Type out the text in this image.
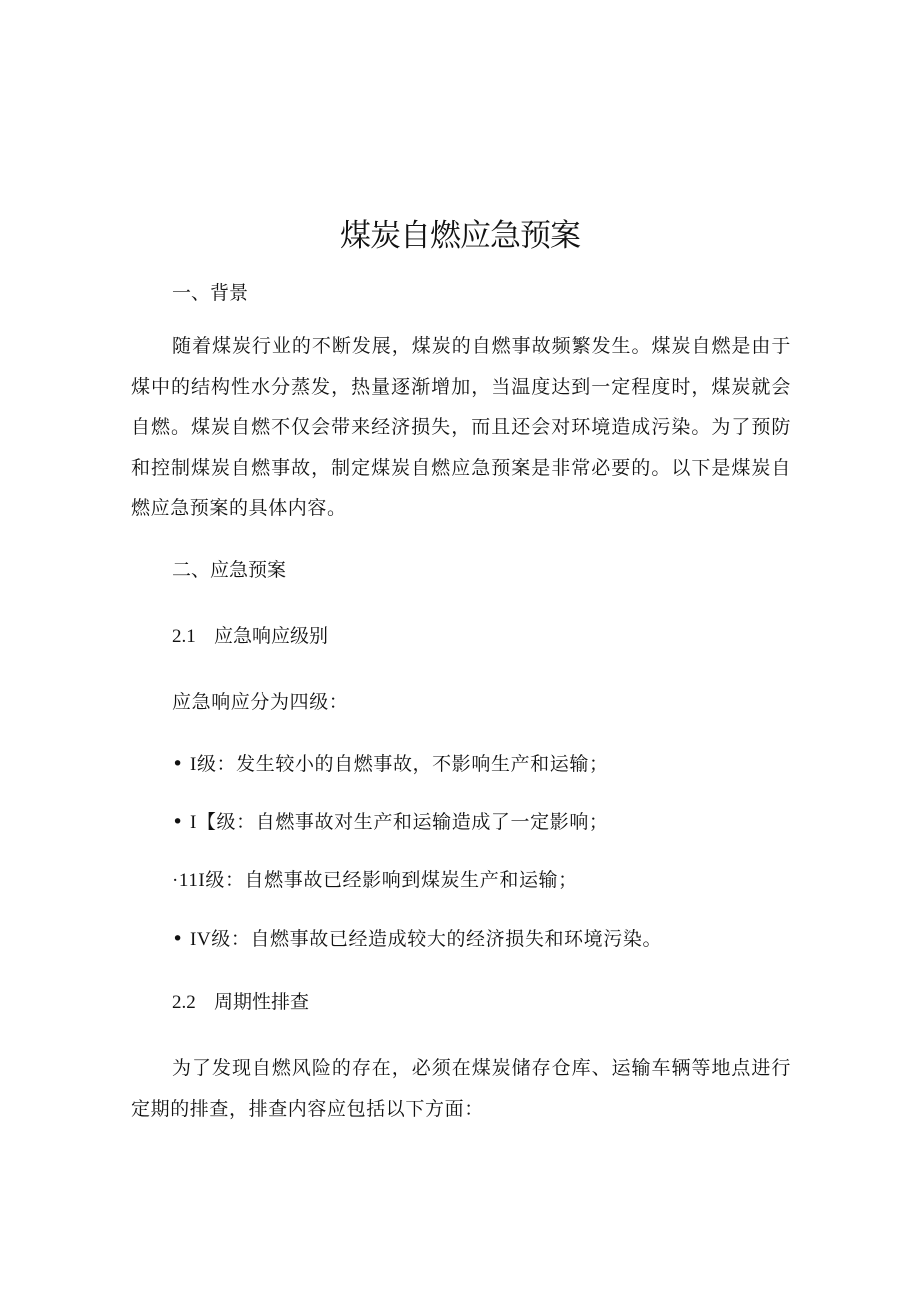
煤炭自燃应急预案
一、背景
随着煤炭行业的不断发展，煤炭的自燃事故频繁发生。煤炭自燃是由于煤中的结构性水分蒸发，热量逐渐增加，当温度达到一定程度时，煤炭就会自燃。煤炭自燃不仅会带来经济损失，而且还会对环境造成污染。为了预防和控制煤炭自燃事故，制定煤炭自燃应急预案是非常必要的。以下是煤炭自燃应急预案的具体内容。
二、应急预案
2.1 应急响应级别
应急响应分为四级：
• I级：发生较小的自燃事故，不影响生产和运输；
• I【级：自燃事故对生产和运输造成了一定影响；
·11I级：自燃事故已经影响到煤炭生产和运输；
• IV级：自燃事故已经造成较大的经济损失和环境污染。
2.2 周期性排查
为了发现自燃风险的存在，必须在煤炭储存仓库、运输车辆等地点进行定期的排查，排查内容应包括以下方面：
